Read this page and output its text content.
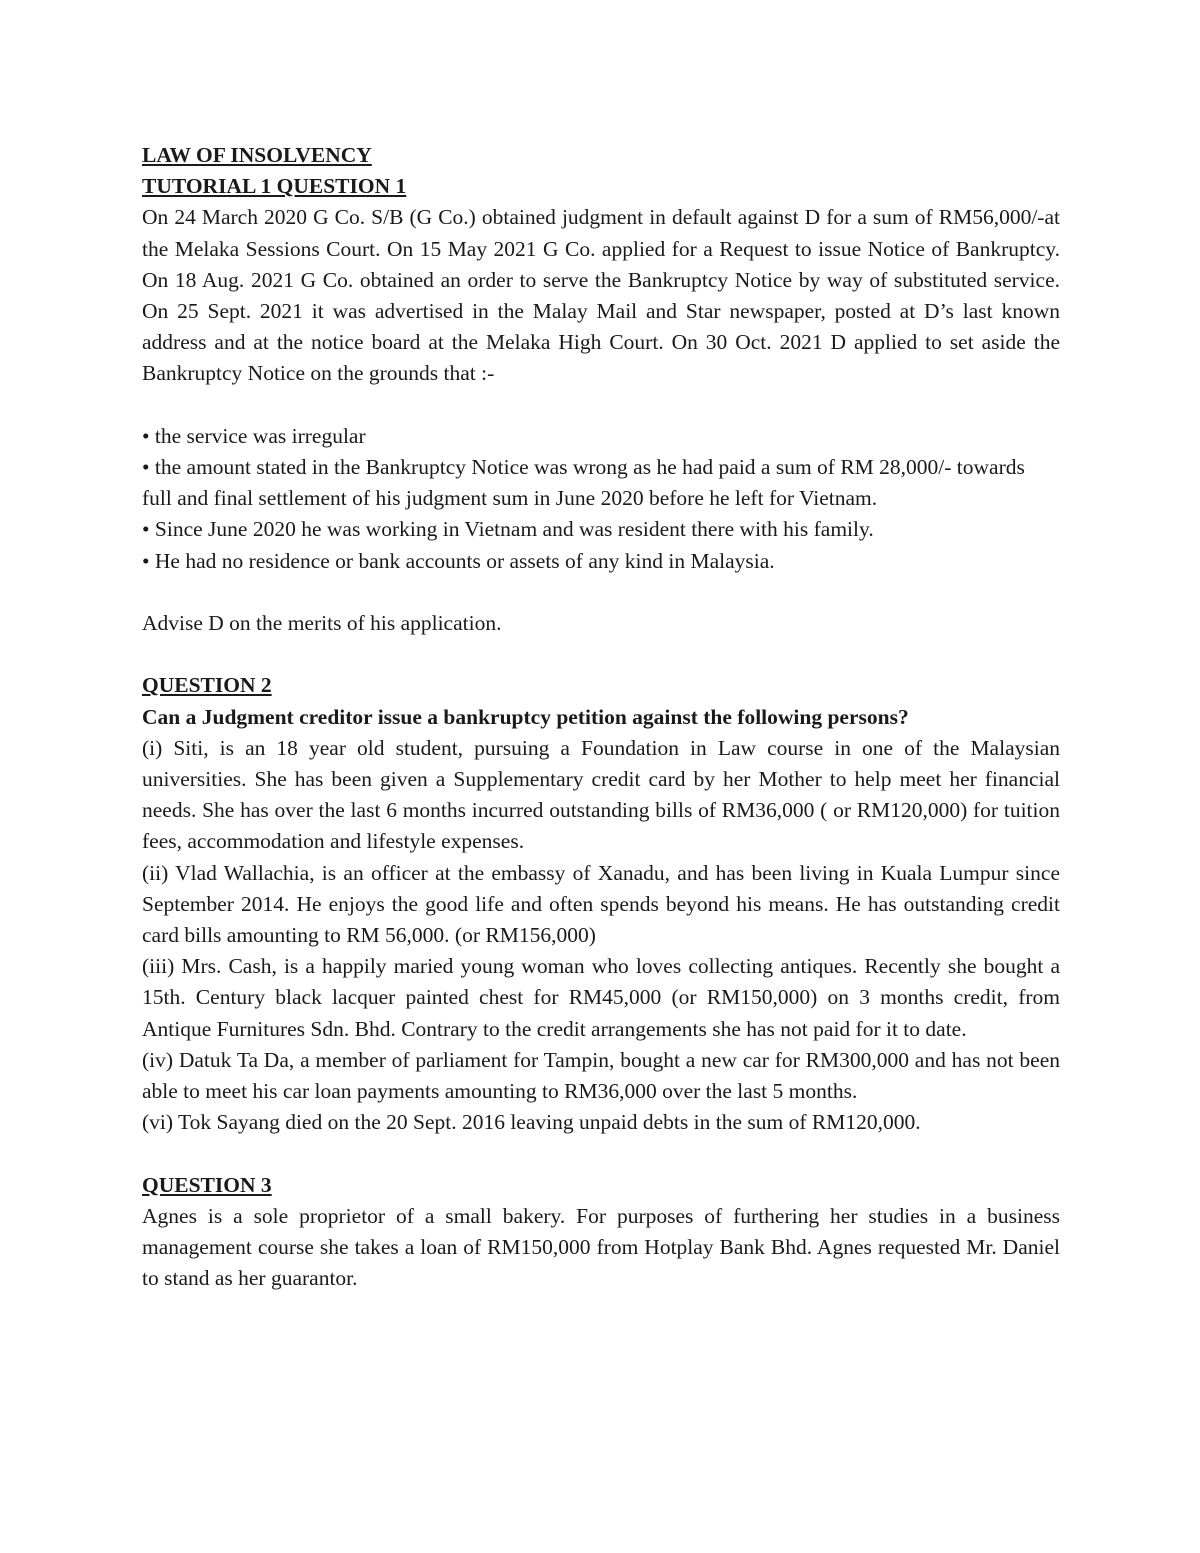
LAW OF INSOLVENCY

TUTORIAL 1 QUESTION 1

On 24 March 2020 G Co. S/B (G Co.) obtained judgment in default against D for a sum of RM56,000/-at the Melaka Sessions Court. On 15 May 2021 G Co. applied for a Request to issue Notice of Bankruptcy. On 18 Aug. 2021 G Co. obtained an order to serve the Bankruptcy Notice by way of substituted service. On 25 Sept. 2021 it was advertised in the Malay Mail and Star newspaper, posted at D’s last known address and at the notice board at the Melaka High Court. On 30 Oct. 2021 D applied to set aside the Bankruptcy Notice on the grounds that :-

• the service was irregular

• the amount stated in the Bankruptcy Notice was wrong as he had paid a sum of RM 28,000/- towards full and final settlement of his judgment sum in June 2020 before he left for Vietnam.

• Since June 2020 he was working in Vietnam and was resident there with his family.

• He had no residence or bank accounts or assets of any kind in Malaysia.

Advise D on the merits of his application.

QUESTION 2

Can a Judgment creditor issue a bankruptcy petition against the following persons?

(i) Siti, is an 18 year old student, pursuing a Foundation in Law course in one of the Malaysian universities. She has been given a Supplementary credit card by her Mother to help meet her financial needs. She has over the last 6 months incurred outstanding bills of RM36,000 ( or RM120,000) for tuition fees, accommodation and lifestyle expenses.

(ii) Vlad Wallachia, is an officer at the embassy of Xanadu, and has been living in Kuala Lumpur since September 2014. He enjoys the good life and often spends beyond his means. He has outstanding credit card bills amounting to RM 56,000. (or RM156,000)

(iii) Mrs. Cash, is a happily maried young woman who loves collecting antiques. Recently she bought a 15th. Century black lacquer painted chest for RM45,000 (or RM150,000) on 3 months credit, from Antique Furnitures Sdn. Bhd. Contrary to the credit arrangements she has not paid for it to date.

(iv) Datuk Ta Da, a member of parliament for Tampin, bought a new car for RM300,000 and has not been able to meet his car loan payments amounting to RM36,000 over the last 5 months.

(vi) Tok Sayang died on the 20 Sept. 2016 leaving unpaid debts in the sum of RM120,000.

QUESTION 3

Agnes is a sole proprietor of a small bakery. For purposes of furthering her studies in a business management course she takes a loan of RM150,000 from Hotplay Bank Bhd. Agnes requested Mr. Daniel to stand as her guarantor.
